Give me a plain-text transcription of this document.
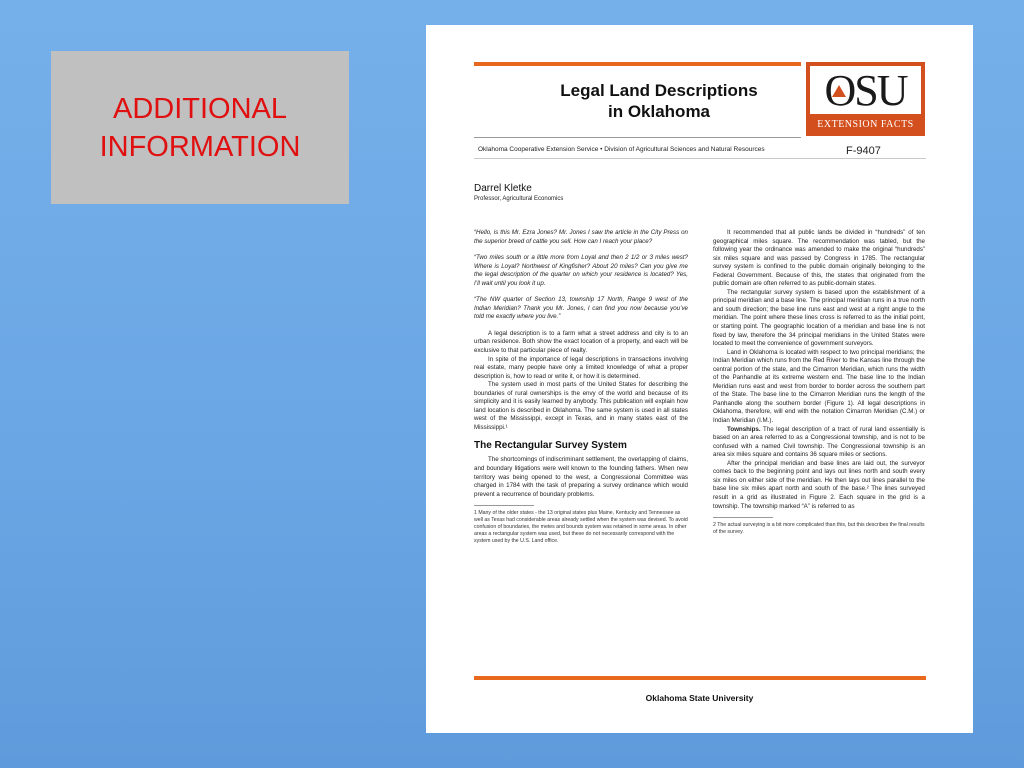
ADDITIONAL
INFORMATION
Legal Land Descriptions
in Oklahoma	O S U
EXTENSION FACTS
Oklahoma Cooperative Extension Service • Division of Agricultural Sciences and Natural Resources	F-9407
Darrel Kletke
Professor, Agricultural Economics

“Hello, is this Mr. Ezra Jones? Mr. Jones I saw the article in the City Press on the superior breed of cattle you sell. How can I reach your place?

“Two miles south or a little more from Loyal and then 2 1/2 or 3 miles west? Where is Loyal? Northwest of Kingfisher? About 20 miles? Can you give me the legal description of the quarter on which your residence is located? Yes, I’ll wait until you look it up.

“The NW quarter of Section 13, township 17 North, Range 9 west of the Indian Meridian? Thank you Mr. Jones, I can find you now because you’ve told me exactly where you live.”

A legal description is to a farm what a street address and city is to an urban residence. Both show the exact location of a property, and each will be exclusive to that particular piece of realty.

In spite of the importance of legal descriptions in transactions involving real estate, many people have only a limited knowledge of what a proper description is, how to read or write it, or how it is determined.

The system used in most parts of the United States for describing the boundaries of rural ownerships is the envy of the world and because of its simplicity and it is easily learned by anybody. This publication will explain how land location is described in Oklahoma. The same system is used in all states west of the Mississippi, except in Texas, and in many states east of the Mississippi.¹

The Rectangular Survey System

The shortcomings of indiscriminant settlement, the overlapping of claims, and boundary litigations were well known to the founding fathers. When new territory was being opened to the west, a Congressional Committee was charged in 1784 with the task of preparing a survey ordinance which would prevent a recurrence of boundary problems.

1 Many of the older states - the 13 original states plus Maine, Kentucky and Tennessee as well as Texas had considerable areas already settled when the system was devised. To avoid confusion of boundaries, the metes and bounds system was retained in some areas. In other areas a rectangular system was used, but these do not necessarily correspond with the system used by the U.S. Land office.

It recommended that all public lands be divided in “hundreds” of ten geographical miles square. The recommendation was tabled, but the following year the ordinance was amended to make the original “hundreds” six miles square and was passed by Congress in 1785. The rectangular survey system is confined to the public domain originally belonging to the Federal Government. Because of this, the states that originated from the public domain are often referred to as public-domain states.

The rectangular survey system is based upon the establishment of a principal meridian and a base line. The principal meridian runs in a true north and south direction; the base line runs east and west at a right angle to the meridian. The point where these lines cross is referred to as the initial point, or starting point. The geographic location of a meridian and base line is not fixed by law, therefore the 34 principal meridians in the United States were located to meet the convenience of government surveyors.

Land in Oklahoma is located with respect to two principal meridians; the Indian Meridian which runs from the Red River to the Kansas line through the central portion of the state, and the Cimarron Meridian, which runs the width of the Panhandle at its extreme western end. The base line to the Indian Meridian runs east and west from border to border across the southern part of the State. The base line to the Cimarron Meridian runs the length of the Panhandle along the southern border (Figure 1). All legal descriptions in Oklahoma, therefore, will end with the notation Cimarron Meridian (C.M.) or Indian Meridian (I.M.).

Townships. The legal description of a tract of rural land essentially is based on an area referred to as a Congressional township, and is not to be confused with a named Civil township. The Congressional township is an area six miles square and contains 36 square miles or sections.

After the principal meridian and base lines are laid out, the surveyor comes back to the beginning point and lays out lines north and south every six miles on either side of the meridian. He then lays out lines parallel to the base line six miles apart north and south of the base.² The lines surveyed result in a grid as illustrated in Figure 2. Each square in the grid is a township. The township marked “A” is referred to as

2 The actual surveying is a bit more complicated than this, but this describes the final results of the survey.

Oklahoma State University
